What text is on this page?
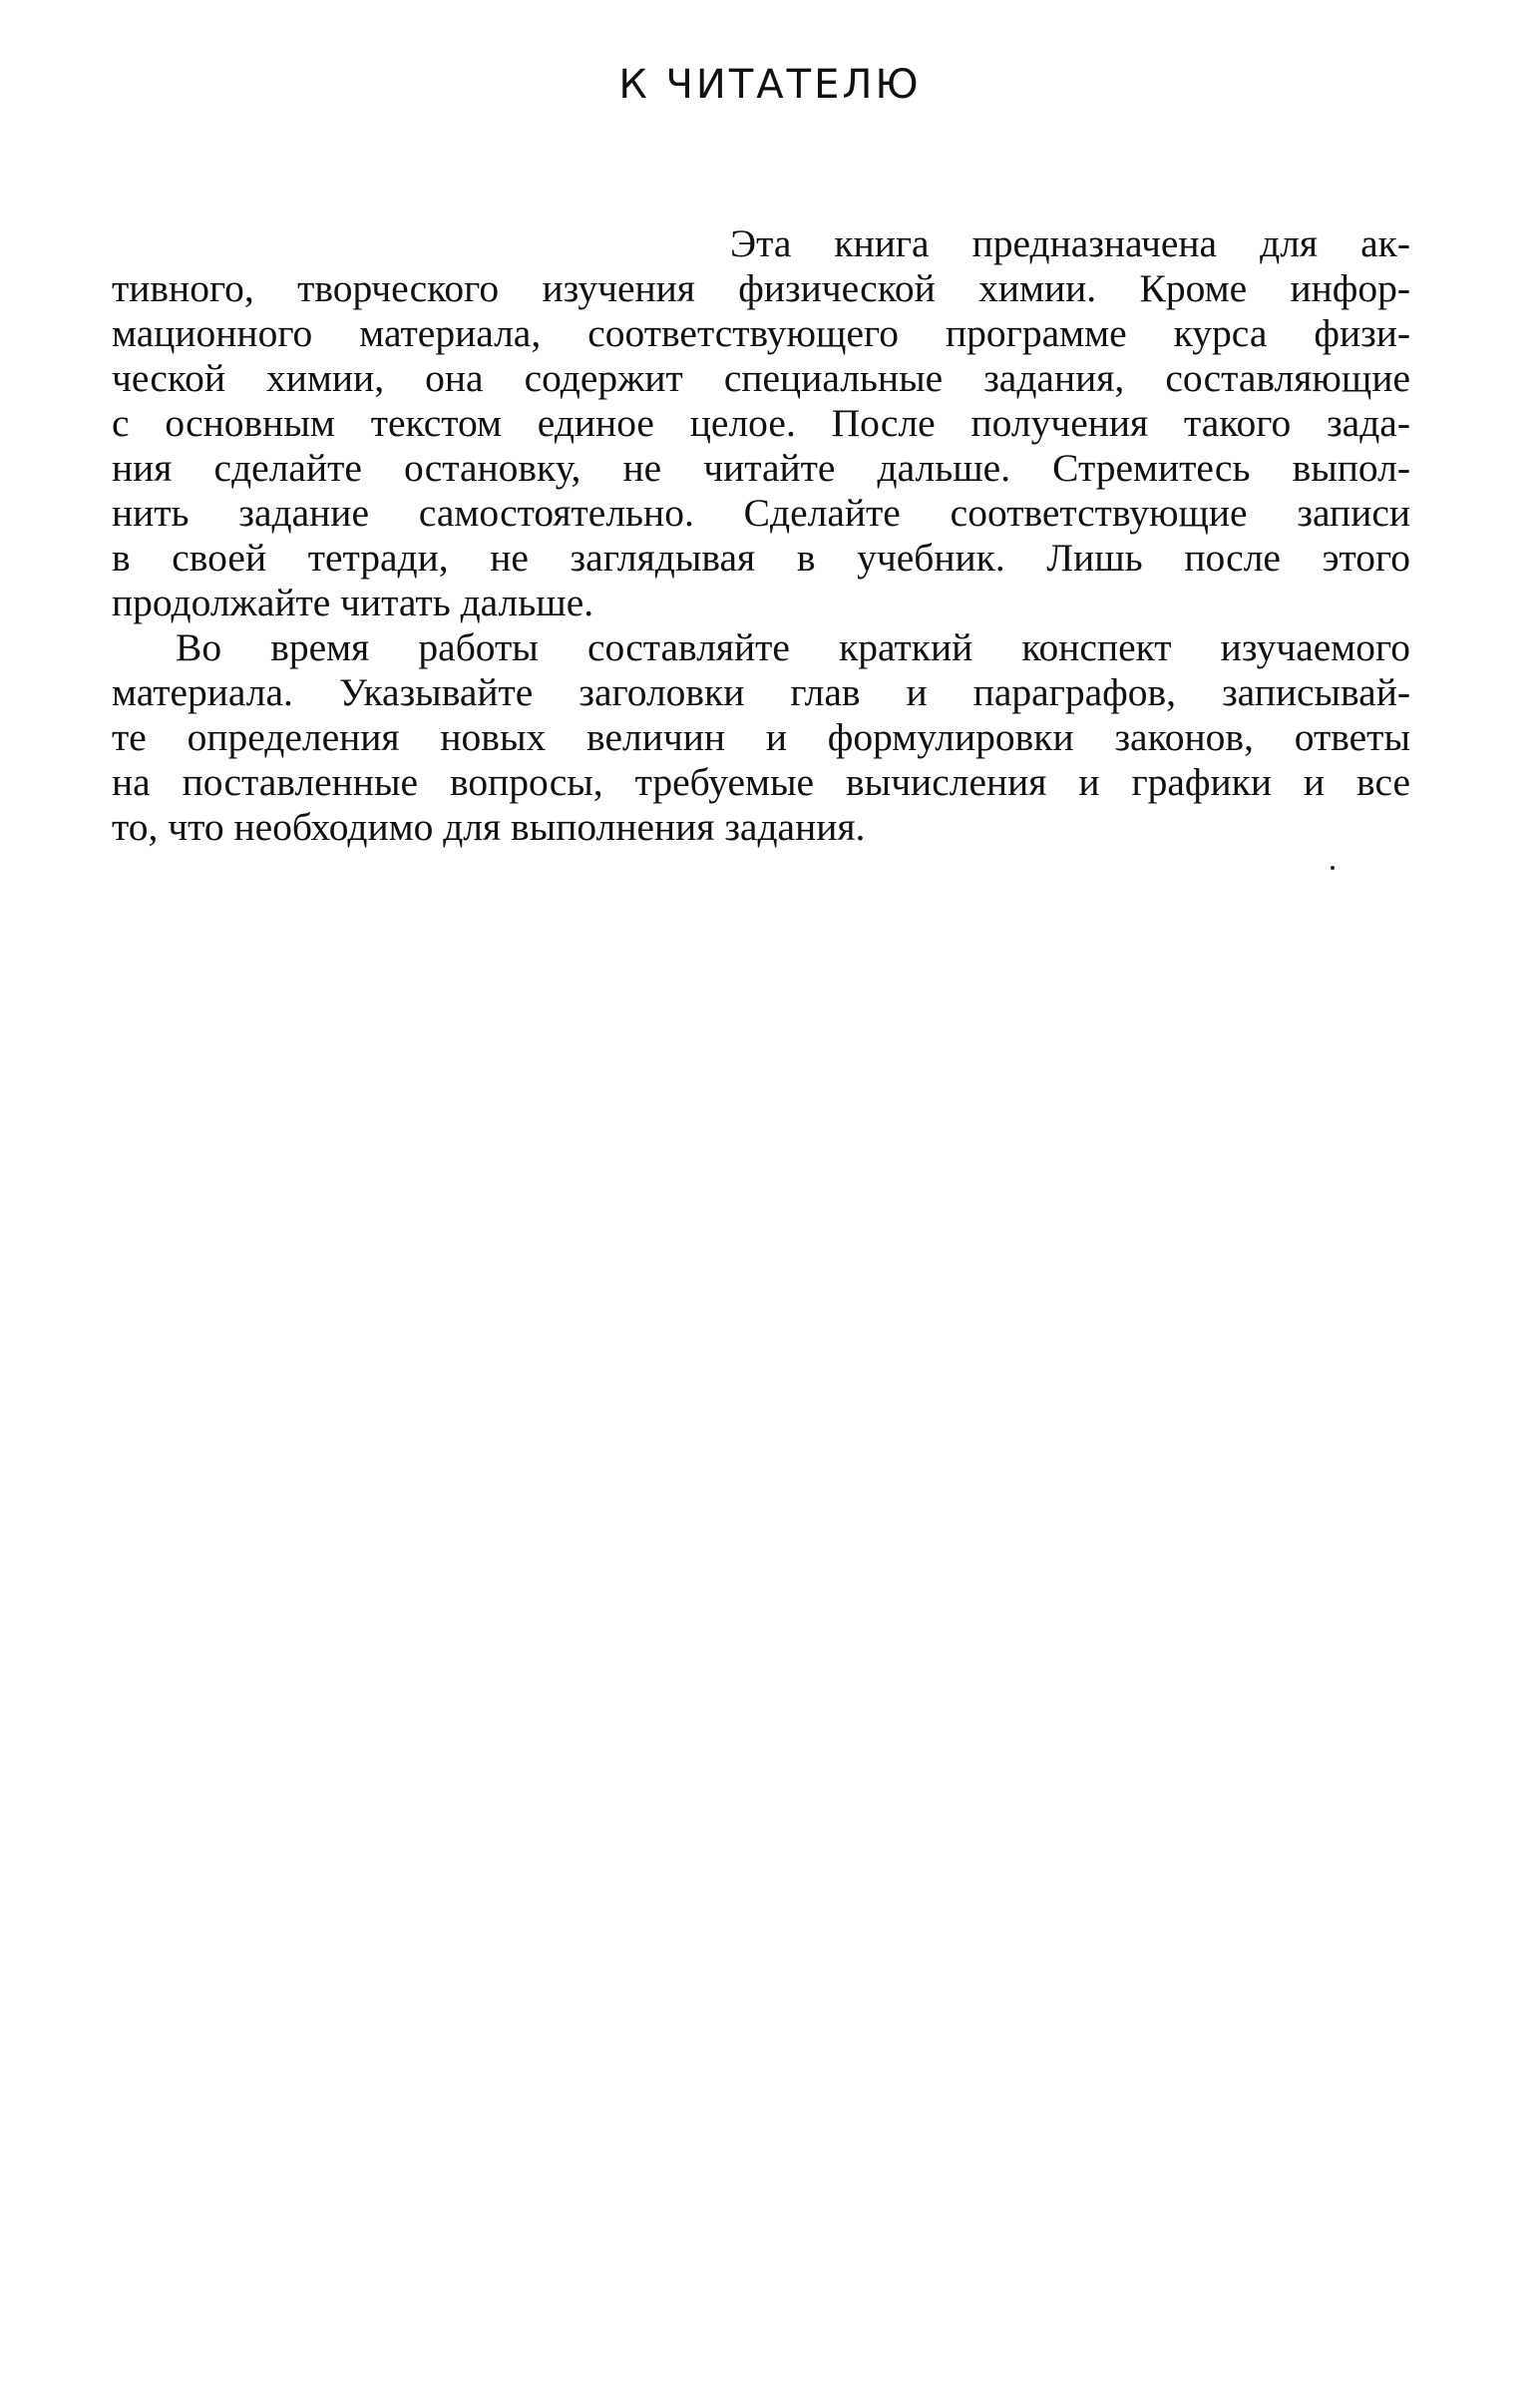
К ЧИТАТЕЛЮ
Эта книга предназначена для ак-
тивного, творческого изучения физической химии. Кроме инфор-
мационного материала, соответствующего программе курса физи-
ческой химии, она содержит специальные задания, составляющие
с основным текстом единое целое. После получения такого зада-
ния сделайте остановку, не читайте дальше. Стремитесь выпол-
нить задание самостоятельно. Сделайте соответствующие записи
в своей тетради, не заглядывая в учебник. Лишь после этого
продолжайте читать дальше.
Во время работы составляйте краткий конспект изучаемого
материала. Указывайте заголовки глав и параграфов, записывай-
те определения новых величин и формулировки законов, ответы
на поставленные вопросы, требуемые вычисления и графики и все
то, что необходимо для выполнения задания.
